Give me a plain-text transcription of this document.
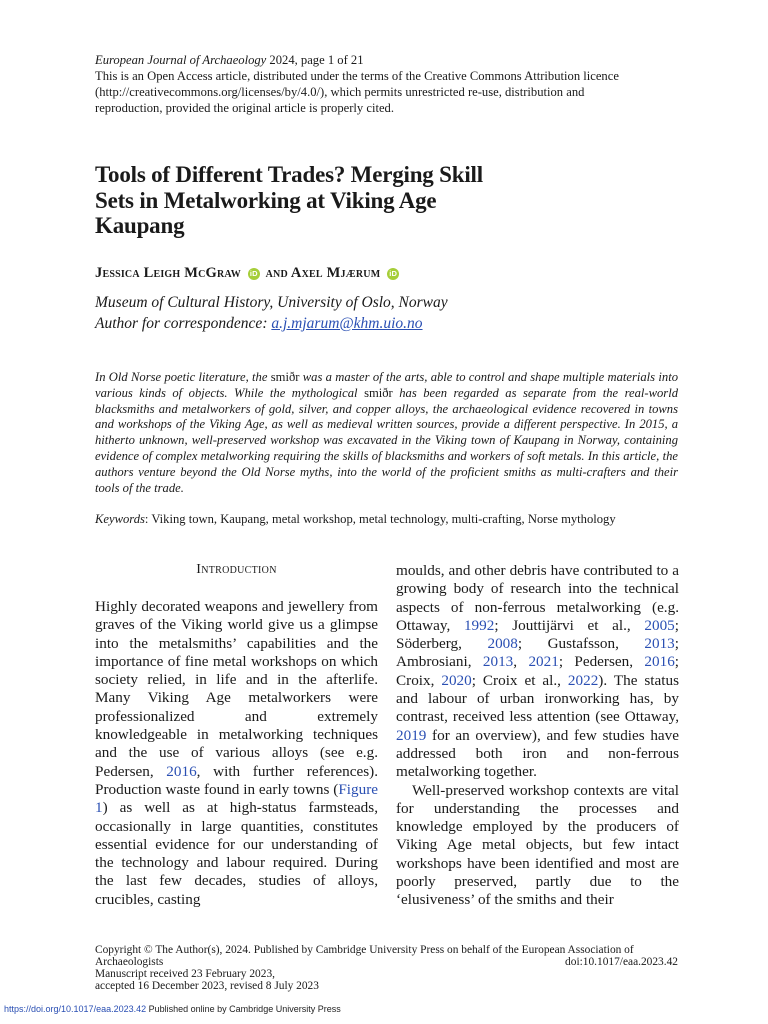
European Journal of Archaeology 2024, page 1 of 21
This is an Open Access article, distributed under the terms of the Creative Commons Attribution licence
(http://creativecommons.org/licenses/by/4.0/), which permits unrestricted re-use, distribution and
reproduction, provided the original article is properly cited.
Tools of Different Trades? Merging Skill Sets in Metalworking at Viking Age Kaupang
Jessica Leigh McGraw iD and Axel Mjærum iD
Museum of Cultural History, University of Oslo, Norway
Author for correspondence: a.j.mjarum@khm.uio.no
In Old Norse poetic literature, the smiðr was a master of the arts, able to control and shape multiple materials into various kinds of objects. While the mythological smiðr has been regarded as separate from the real-world blacksmiths and metalworkers of gold, silver, and copper alloys, the archaeological evidence recovered in towns and workshops of the Viking Age, as well as medieval written sources, provide a different perspective. In 2015, a hitherto unknown, well-preserved workshop was excavated in the Viking town of Kaupang in Norway, containing evidence of complex metalworking requiring the skills of blacksmiths and workers of soft metals. In this article, the authors venture beyond the Old Norse myths, into the world of the proficient smiths as multi-crafters and their tools of the trade.
Keywords: Viking town, Kaupang, metal workshop, metal technology, multi-crafting, Norse mythology
Introduction

Highly decorated weapons and jewellery from graves of the Viking world give us a glimpse into the metalsmiths’ capabilities and the importance of fine metal workshops on which society relied, in life and in the afterlife. Many Viking Age metalworkers were professionalized and extremely knowledgeable in metalworking techniques and the use of various alloys (see e.g. Pedersen, 2016, with further references). Production waste found in early towns (Figure 1) as well as at high-status farmsteads, occasionally in large quantities, constitutes essential evidence for our understanding of the technology and labour required. During the last few decades, studies of alloys, crucibles, casting

moulds, and other debris have contributed to a growing body of research into the technical aspects of non-ferrous metalworking (e.g. Ottaway, 1992; Jouttijärvi et al., 2005; Söderberg, 2008; Gustafsson, 2013; Ambrosiani, 2013, 2021; Pedersen, 2016; Croix, 2020; Croix et al., 2022). The status and labour of urban ironworking has, by contrast, received less attention (see Ottaway, 2019 for an overview), and few studies have addressed both iron and non-ferrous metalworking together.

Well-preserved workshop contexts are vital for understanding the processes and knowledge employed by the producers of Viking Age metal objects, but few intact workshops have been identified and most are poorly preserved, partly due to the ‘elusiveness’ of the smiths and their

Copyright © The Author(s), 2024. Published by Cambridge University Press on behalf of the European Association of
Archaeologists	doi:10.1017/eaa.2023.42
Manuscript received 23 February 2023,
accepted 16 December 2023, revised 8 July 2023
https://doi.org/10.1017/eaa.2023.42 Published online by Cambridge University Press
